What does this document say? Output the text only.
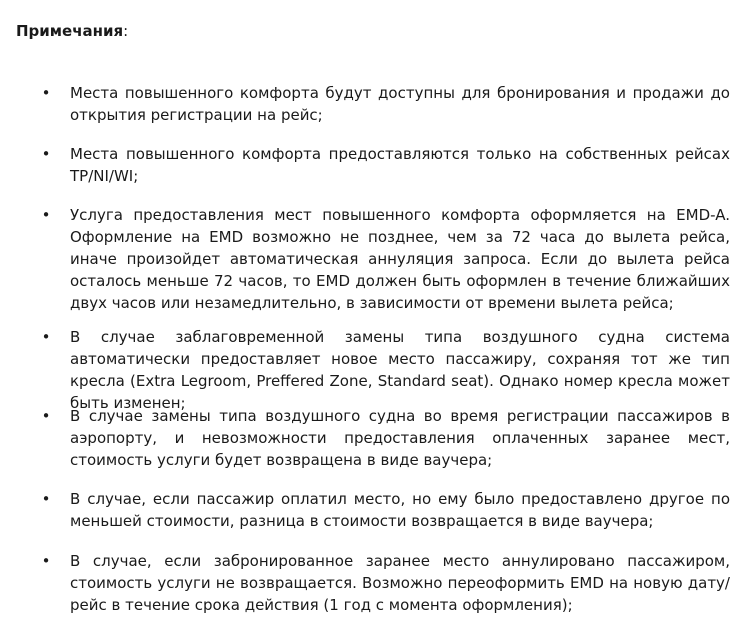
Примечания:
• Места повышенного комфорта будут доступны для бронирования и продажи до открытия регистрации на рейс;
• Места повышенного комфорта предоставляются только на собственных рейсах TP/NI/WI;
• Услуга предоставления мест повышенного комфорта оформляется на EMD-A. Оформление на EMD возможно не позднее, чем за 72 часа до вылета рейса, иначе произойдет автоматическая аннуляция запроса. Если до вылета рейса осталось меньше 72 часов, то EMD должен быть оформлен в течение ближайших двух часов или незамедлительно, в зависимости от времени вылета рейса;
• В случае заблаговременной замены типа воздушного судна система автоматически предоставляет новое место пассажиру, сохраняя тот же тип кресла (Extra Legroom, Preffered Zone, Standard seat). Однако номер кресла может быть изменен;
• В случае замены типа воздушного судна во время регистрации пассажиров в аэропорту, и невозможности предоставления оплаченных заранее мест, стоимость услуги будет возвращена в виде ваучера;
• В случае, если пассажир оплатил место, но ему было предоставлено другое по меньшей стоимости, разница в стоимости возвращается в виде ваучера;
• В случае, если забронированное заранее место аннулировано пассажиром, стоимость услуги не возвращается. Возможно переоформить EMD на новую дату/рейс в течение срока действия (1 год с момента оформления);
